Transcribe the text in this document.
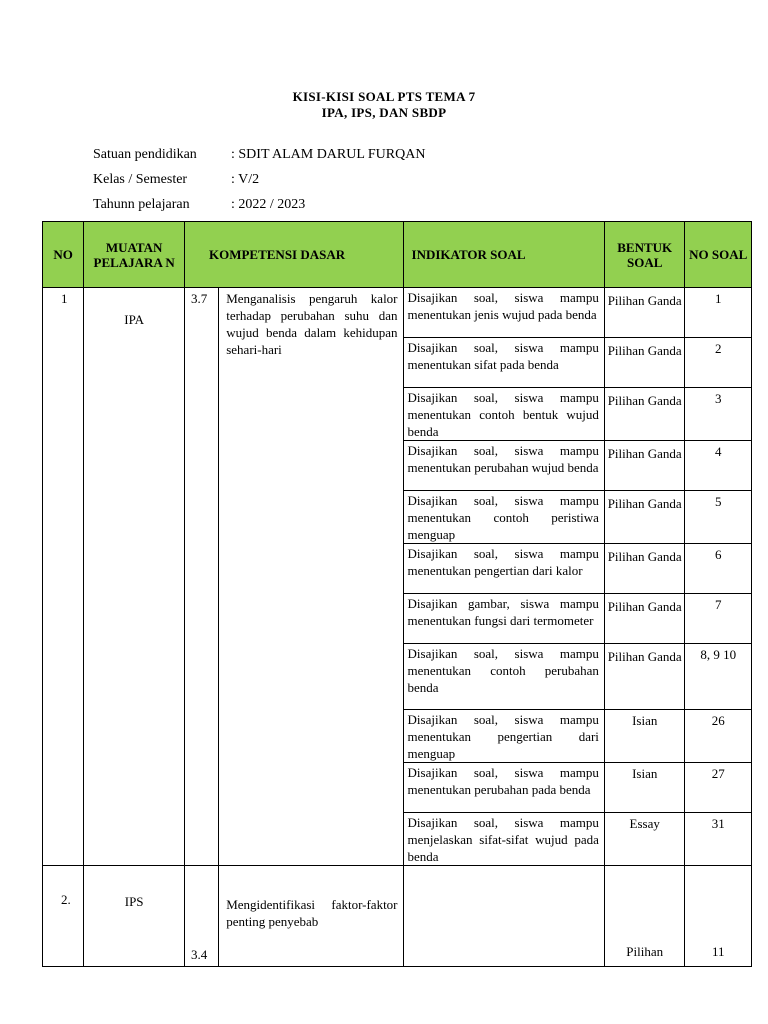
KISI-KISI SOAL PTS TEMA 7
IPA, IPS, DAN SBDP
Satuan pendidikan : SDIT ALAM DARUL FURQAN
Kelas / Semester	: V/2
Tahunn pelajaran	: 2022 / 2023
NO	MUATAN PELAJARA N	KOMPETENSI DASAR		INDIKATOR SOAL	BENTUK SOAL	NO SOAL
1	IPA	3.7	Menganalisis pengaruh kalor terhadap perubahan suhu dan wujud benda dalam kehidupan sehari-hari	Disajikan soal, siswa mampu menentukan jenis wujud pada benda	Pilihan Ganda	1
				Disajikan soal, siswa mampu menentukan sifat pada benda	Pilihan Ganda	2
				Disajikan soal, siswa mampu menentukan contoh bentuk wujud benda	Pilihan Ganda	3
				Disajikan soal, siswa mampu menentukan perubahan wujud benda	Pilihan Ganda	4
				Disajikan soal, siswa mampu menentukan contoh peristiwa menguap	Pilihan Ganda	5
				Disajikan soal, siswa mampu menentukan pengertian dari kalor	Pilihan Ganda	6
				Disajikan gambar, siswa mampu menentukan fungsi dari termometer	Pilihan Ganda	7
				Disajikan soal, siswa mampu menentukan contoh perubahan benda	Pilihan Ganda	8, 9 10
				Disajikan soal, siswa mampu menentukan pengertian dari menguap	Isian	26
				Disajikan soal, siswa mampu menentukan perubahan pada benda	Isian	27
				Disajikan soal, siswa mampu menjelaskan sifat-sifat wujud pada benda	Essay	31
2.	IPS	3.4	Mengidentifikasi faktor-faktor penting penyebab		Pilihan	11
